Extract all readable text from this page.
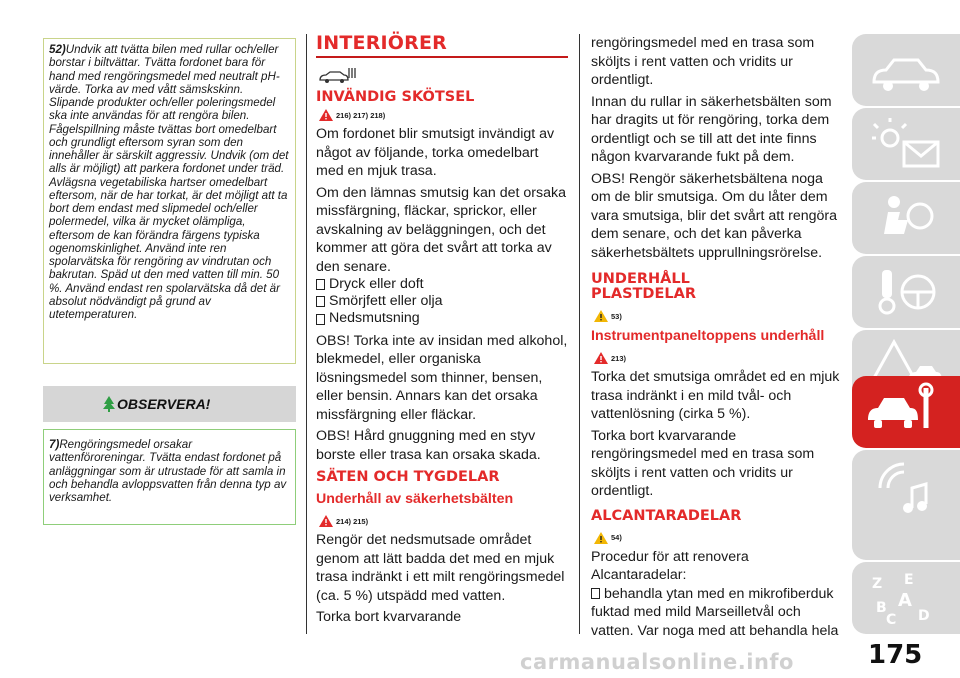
52)Undvik att tvätta bilen med rullar och/eller borstar i biltvättar. Tvätta fordonet bara för hand med rengöringsmedel med neutralt pH-värde. Torka av med vått sämskskinn. Slipande produkter och/eller poleringsmedel ska inte användas för att rengöra bilen. Fågelspillning måste tvättas bort omedelbart och grundligt eftersom syran som den innehåller är särskilt aggressiv. Undvik (om det alls är möjligt) att parkera fordonet under träd. Avlägsna vegetabiliska hartser omedelbart eftersom, när de har torkat, är det möjligt att ta bort dem endast med slipmedel och/eller polermedel, vilka är mycket olämpliga, eftersom de kan förändra färgens typiska ogenomskinlighet. Använd inte ren spolarvätska för rengöring av vindrutan och bakrutan. Späd ut den med vatten till min. 50 %. Använd endast ren spolarvätska då det är absolut nödvändigt på grund av utetemperaturen.

OBSERVERA!

7)Rengöringsmedel orsakar vattenföroreningar. Tvätta endast fordonet på anläggningar som är utrustade för att samla in och behandla avloppsvatten från denna typ av verksamhet.

INTERIÖRER
INVÄNDIG SKÖTSEL
216) 217) 218)

Om fordonet blir smutsigt invändigt av något av följande, torka omedelbart med en mjuk trasa.

Om den lämnas smutsig kan det orsaka missfärgning, fläckar, sprickor, eller avskalning av beläggningen, och det kommer att göra det svårt att torka av den senare.

Dryck eller doft
Smörjfett eller olja
Nedsmutsning

OBS! Torka inte av insidan med alkohol, blekmedel, eller organiska lösningsmedel som thinner, bensen, eller bensin. Annars kan det orsaka missfärgning eller fläckar.

OBS! Hård gnuggning med en styv borste eller trasa kan orsaka skada.

SÄTEN OCH TYGDELAR
Underhåll av säkerhetsbälten
214) 215)

Rengör det nedsmutsade området genom att lätt badda det med en mjuk trasa indränkt i ett milt rengöringsmedel (ca. 5 %) utspädd med vatten.

Torka bort kvarvarande

rengöringsmedel med en trasa som sköljts i rent vatten och vridits ur ordentligt.

Innan du rullar in säkerhetsbälten som har dragits ut för rengöring, torka dem ordentligt och se till att det inte finns någon kvarvarande fukt på dem.

OBS! Rengör säkerhetsbältena noga om de blir smutsiga. Om du låter dem vara smutsiga, blir det svårt att rengöra dem senare, och det kan påverka säkerhetsbältets upprullningsrörelse.

UNDERHÅLL PLASTDELAR
53)
Instrumentpaneltoppens underhåll
213)

Torka det smutsiga området ed en mjuk trasa indränkt i en mild tvål- och vattenlösning (cirka 5 %).

Torka bort kvarvarande rengöringsmedel med en trasa som sköljts i rent vatten och vridits ur ordentligt.

ALCANTARADELAR
54)

Procedur för att renovera Alcantaradelar:

behandla ytan med en mikrofiberduk fuktad med mild Marseilletvål och vatten. Var noga med att behandla hela

Z E
B A
C D
175
carmanualsonline.info
